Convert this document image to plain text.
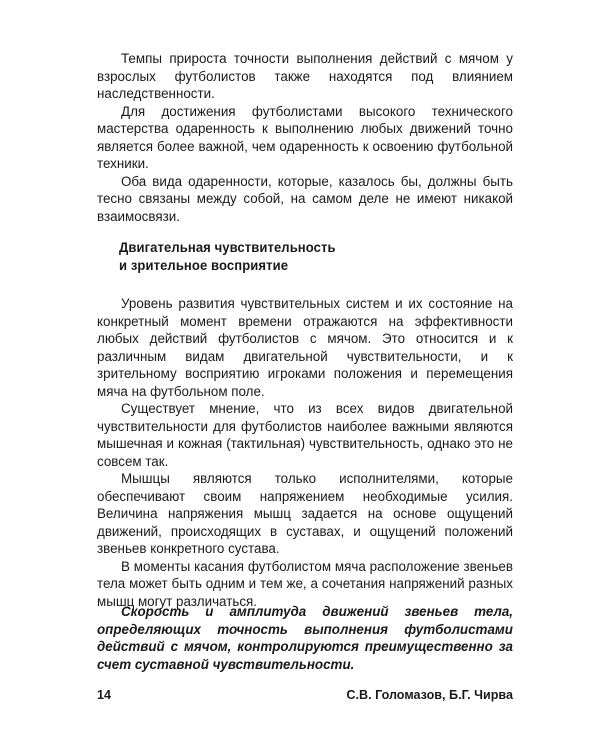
Темпы прироста точности выполнения действий с мячом у взрослых футболистов также находятся под влиянием наследственности.

Для достижения футболистами высокого технического мастерства одаренность к выполнению любых движений точно является более важной, чем одаренность к освоению футбольной техники.

Оба вида одаренности, которые, казалось бы, должны быть тесно связаны между собой, на самом деле не имеют никакой взаимосвязи.

Двигательная чувствительность
и зрительное восприятие

Уровень развития чувствительных систем и их состояние на конкретный момент времени отражаются на эффективности любых действий футболистов с мячом. Это относится и к различным видам двигательной чувствительности, и к зрительному восприятию игроками положения и перемещения мяча на футбольном поле.

Существует мнение, что из всех видов двигательной чувствительности для футболистов наиболее важными являются мышечная и кожная (тактильная) чувствительность, однако это не совсем так.

Мышцы являются только исполнителями, которые обеспечивают своим напряжением необходимые усилия. Величина напряжения мышц задается на основе ощущений движений, происходящих в суставах, и ощущений положений звеньев конкретного сустава.

В моменты касания футболистом мяча расположение звеньев тела может быть одним и тем же, а сочетания напряжений разных мышц могут различаться.

Скорость и амплитуда движений звеньев тела, определяющих точность выполнения футболистами действий с мячом, контролируются преимущественно за счет суставной чувствительности.
14	С.В. Голомазов, Б.Г. Чирва
